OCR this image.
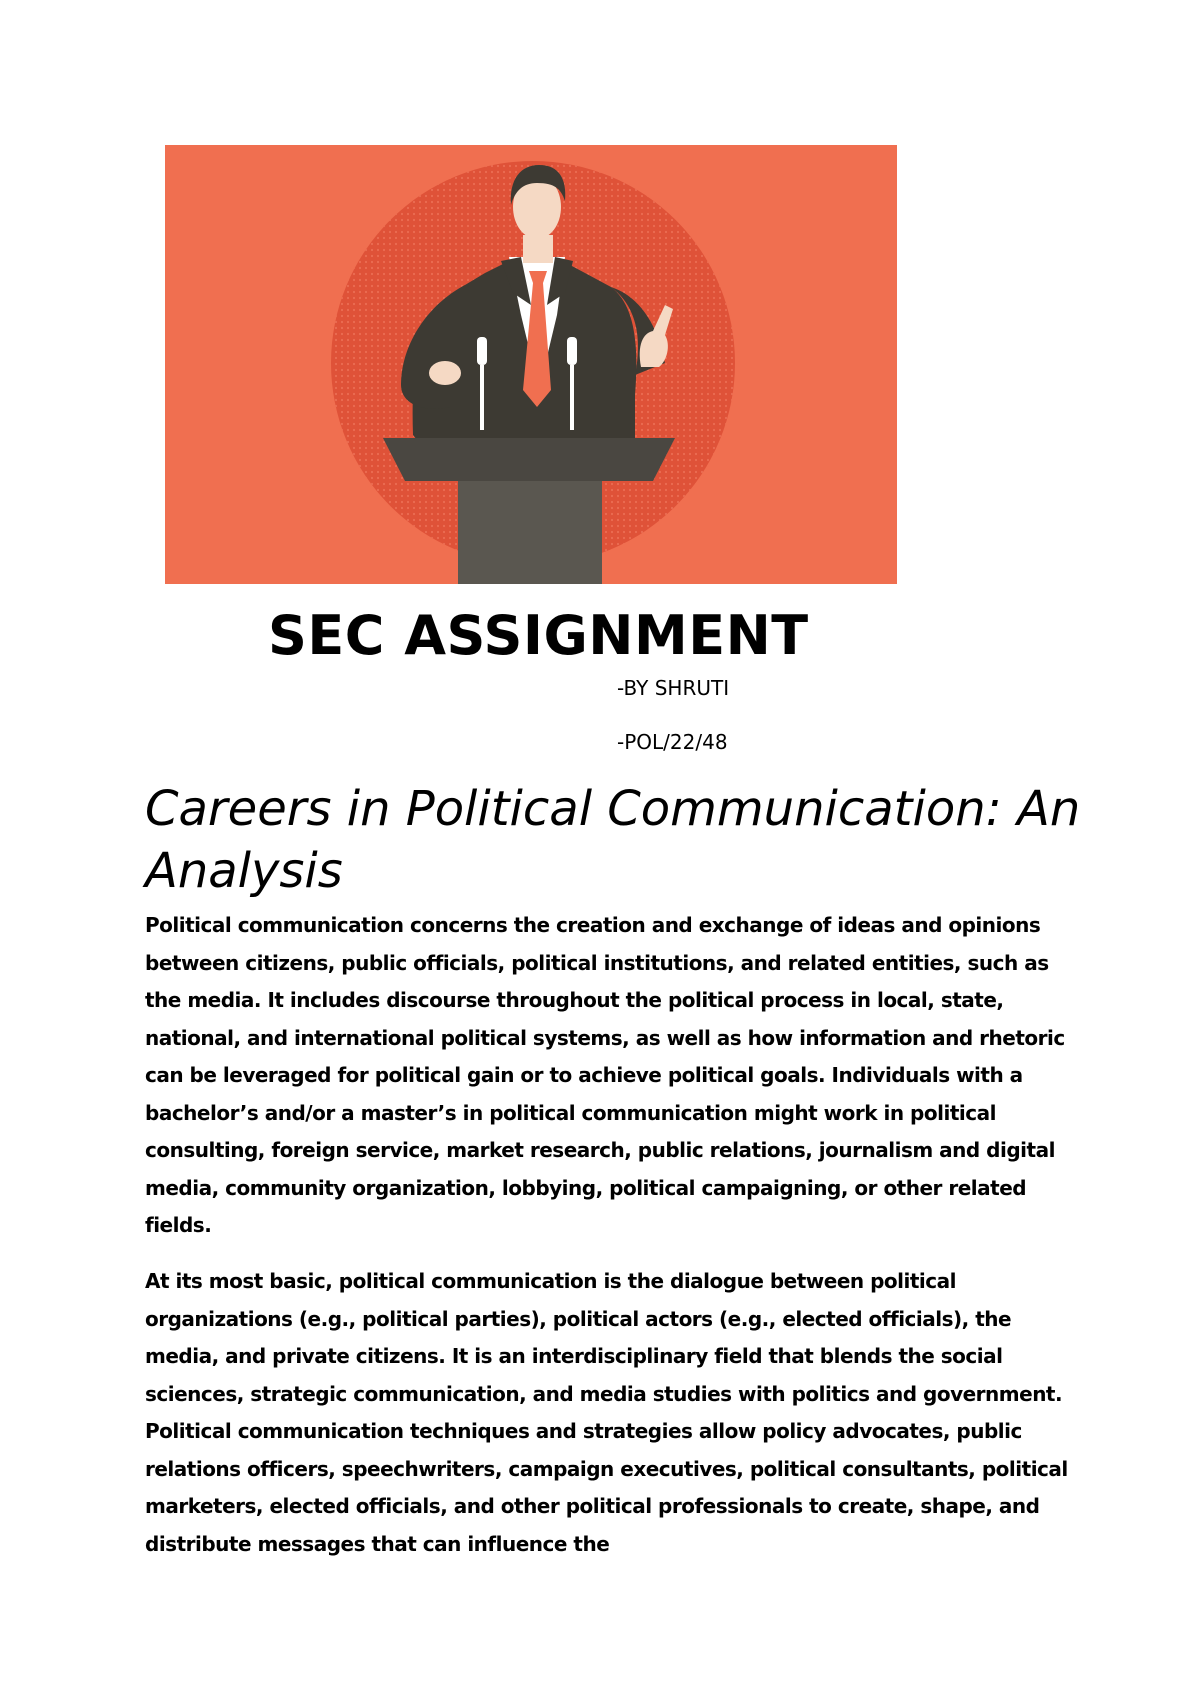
SEC ASSIGNMENT

-BY SHRUTI

-POL/22/48

Careers in Political Communication: An Analysis

Political communication concerns the creation and exchange of ideas and opinions between citizens, public officials, political institutions, and related entities, such as the media. It includes discourse throughout the political process in local, state, national, and international political systems, as well as how information and rhetoric can be leveraged for political gain or to achieve political goals. Individuals with a bachelor’s and/or a master’s in political communication might work in political consulting, foreign service, market research, public relations, journalism and digital media, community organization, lobbying, political campaigning, or other related fields.

At its most basic, political communication is the dialogue between political organizations (e.g., political parties), political actors (e.g., elected officials), the media, and private citizens. It is an interdisciplinary field that blends the social sciences, strategic communication, and media studies with politics and government. Political communication techniques and strategies allow policy advocates, public relations officers, speechwriters, campaign executives, political consultants, political marketers, elected officials, and other political professionals to create, shape, and distribute messages that can influence the
